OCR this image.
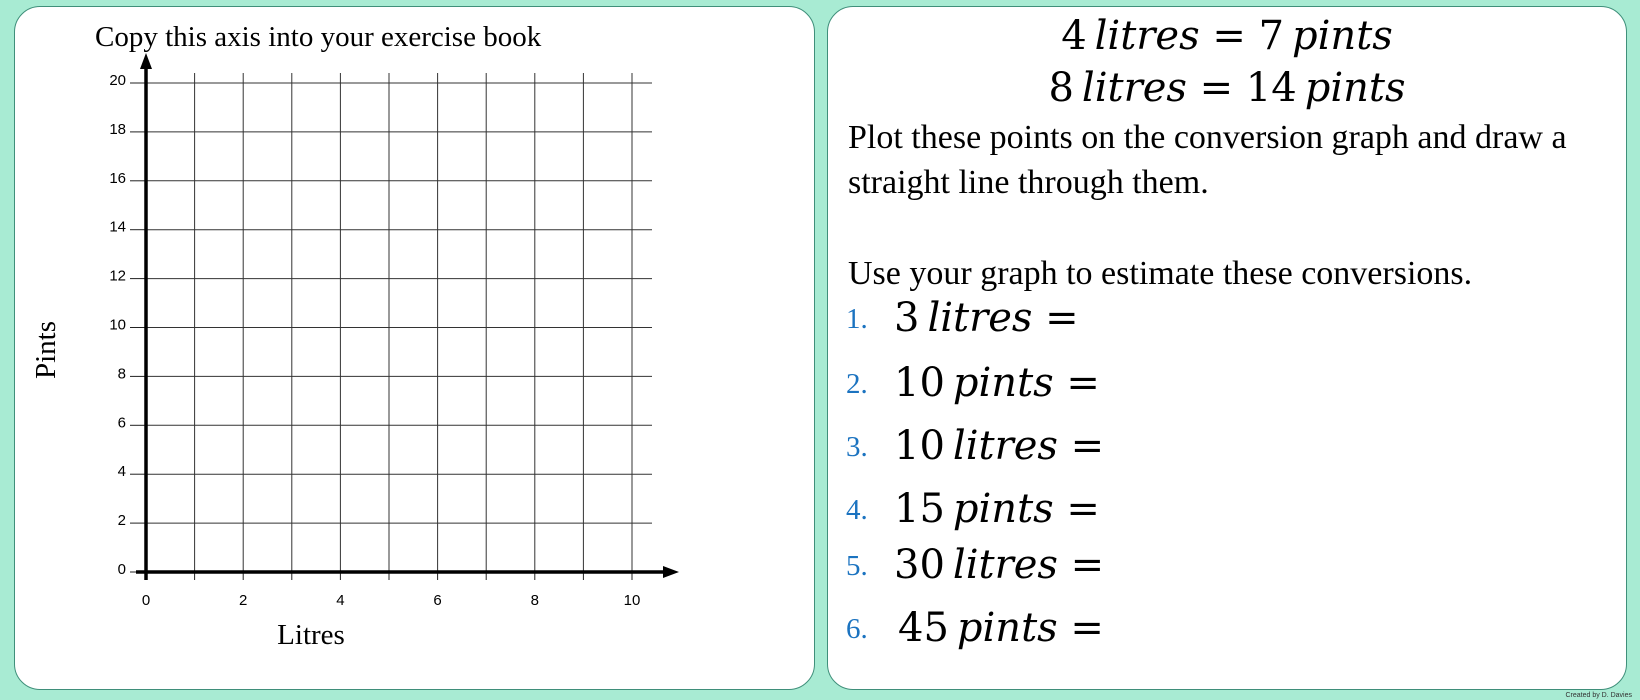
Copy this axis into your exercise book
0
2
4
6
8
10
12
14
16
18
20
0	2	4	6	8	10
Litres
Pints
4  litres = 7  pints
8  litres = 14  pints
Plot these points on the conversion graph and draw a straight line through them.
Use your graph to estimate these conversions.
1. 3  litres =
2. 10  pints =
3. 10  litres =
4. 15  pints =
5. 30  litres =
6. 45  pints =
Created by D. Davies
